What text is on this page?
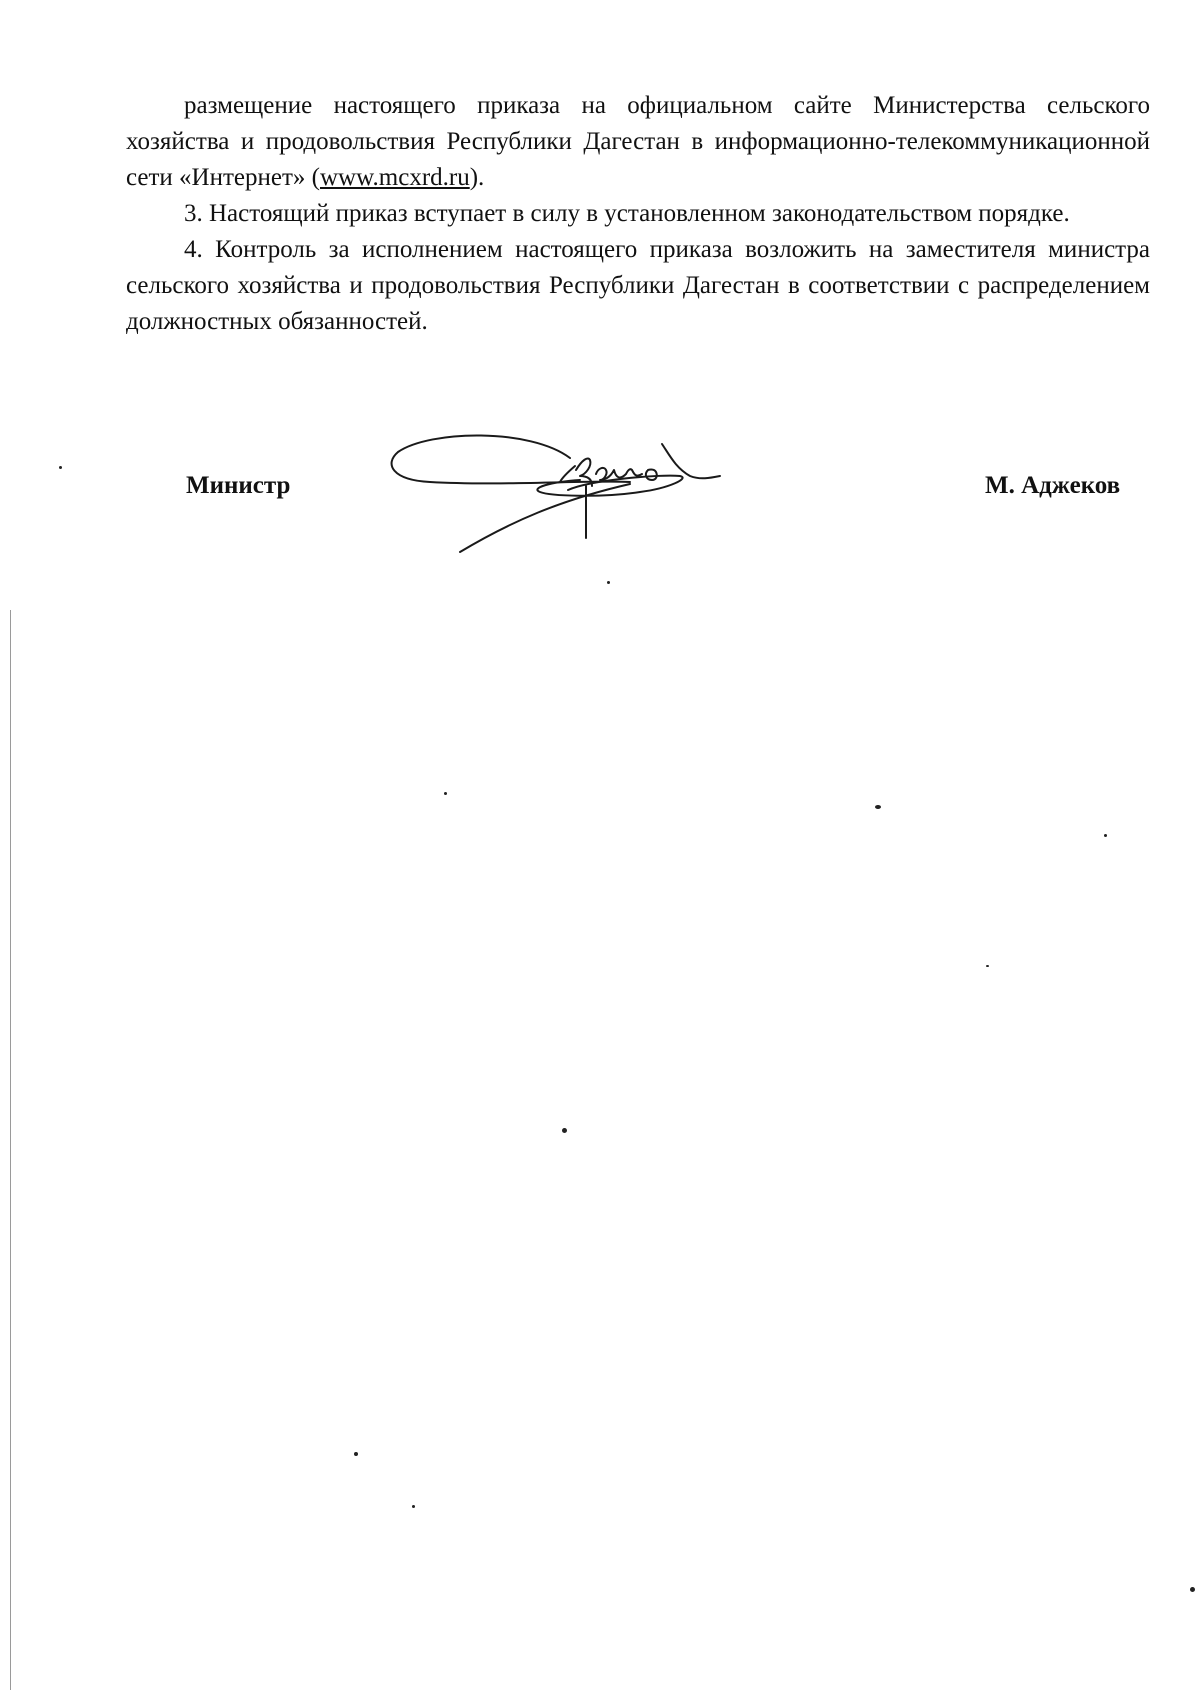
размещение настоящего приказа на официальном сайте Министерства сельского хозяйства и продовольствия Республики Дагестан в информационно-телекоммуникационной сети «Интернет» (www.mcxrd.ru).

3. Настоящий приказ вступает в силу в установленном законодательством порядке.

4. Контроль за исполнением настоящего приказа возложить на заместителя министра сельского хозяйства и продовольствия Республики Дагестан в соответствии с распределением должностных обязанностей.

Министр	М. Аджеков
